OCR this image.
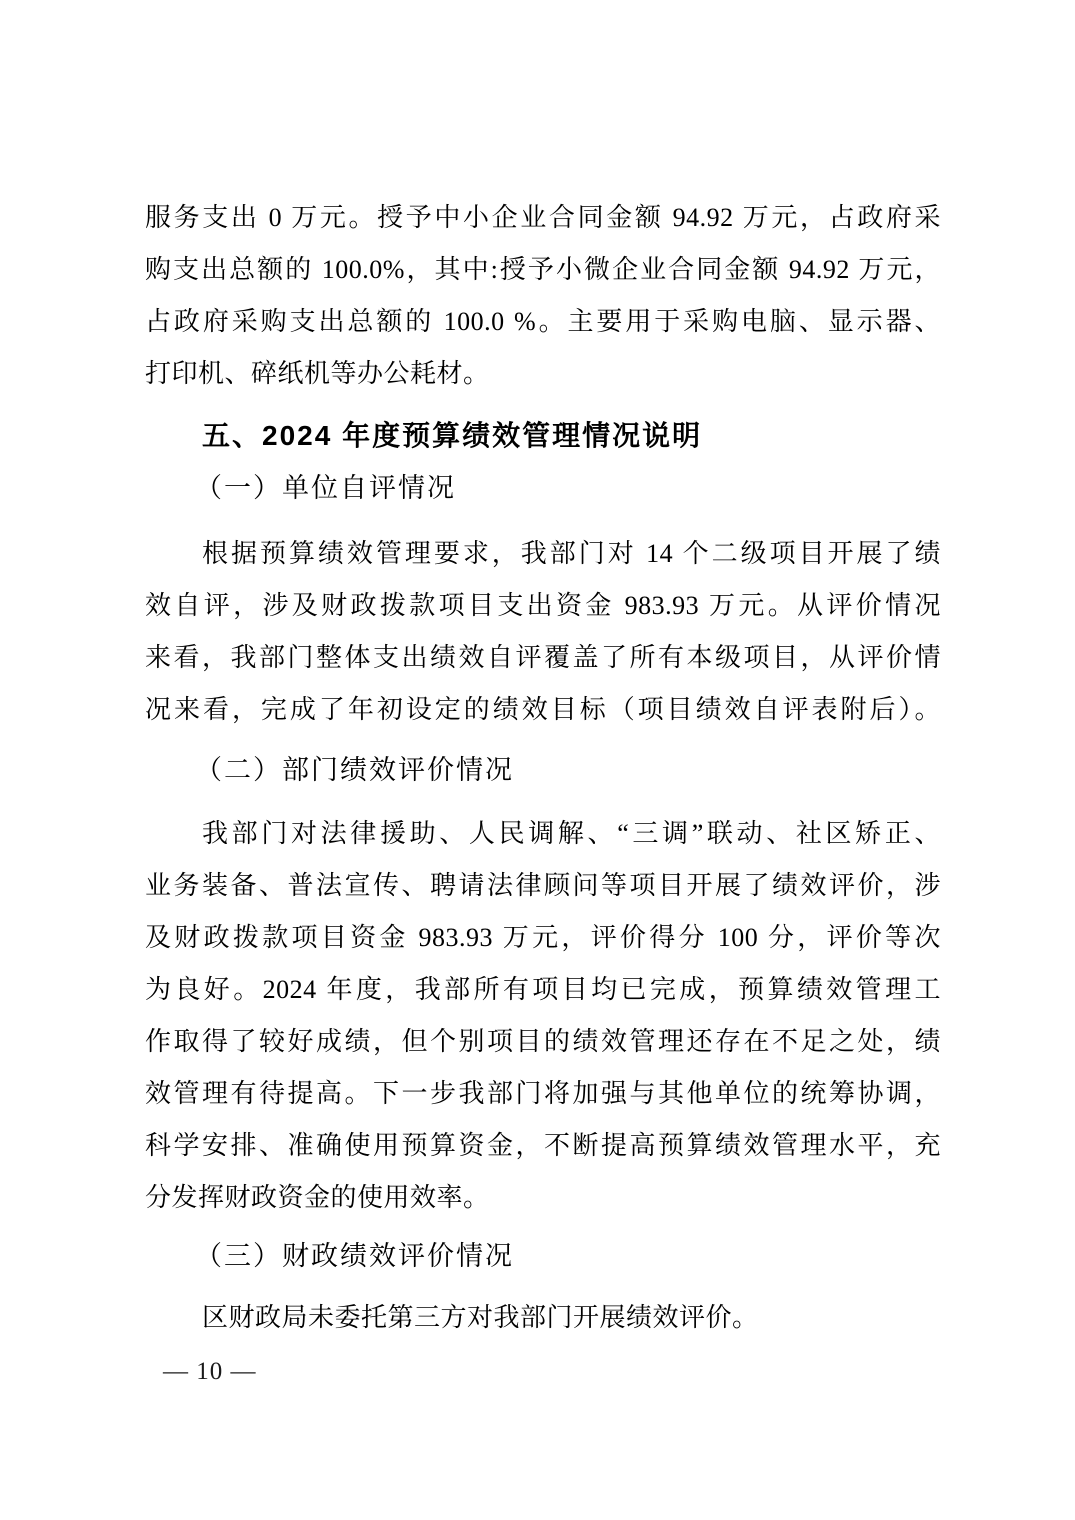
服务支出 0 万元。授予中小企业合同金额 94.92 万元，占政府采

购支出总额的 100.0%，其中:授予小微企业合同金额 94.92 万元，

占政府采购支出总额的 100.0 %。主要用于采购电脑、显示器、

打印机、碎纸机等办公耗材。

五、2024 年度预算绩效管理情况说明
（一）单位自评情况

根据预算绩效管理要求，我部门对 14 个二级项目开展了绩

效自评，涉及财政拨款项目支出资金 983.93 万元。从评价情况

来看，我部门整体支出绩效自评覆盖了所有本级项目，从评价情

况来看，完成了年初设定的绩效目标（项目绩效自评表附后）。

（二）部门绩效评价情况

我部门对法律援助、人民调解、“三调”联动、社区矫正、

业务装备、普法宣传、聘请法律顾问等项目开展了绩效评价，涉

及财政拨款项目资金 983.93 万元，评价得分 100 分，评价等次

为良好。2024 年度，我部所有项目均已完成，预算绩效管理工

作取得了较好成绩，但个别项目的绩效管理还存在不足之处，绩

效管理有待提高。下一步我部门将加强与其他单位的统筹协调，

科学安排、准确使用预算资金，不断提高预算绩效管理水平，充

分发挥财政资金的使用效率。

（三）财政绩效评价情况

区财政局未委托第三方对我部门开展绩效评价。

— 10 —
